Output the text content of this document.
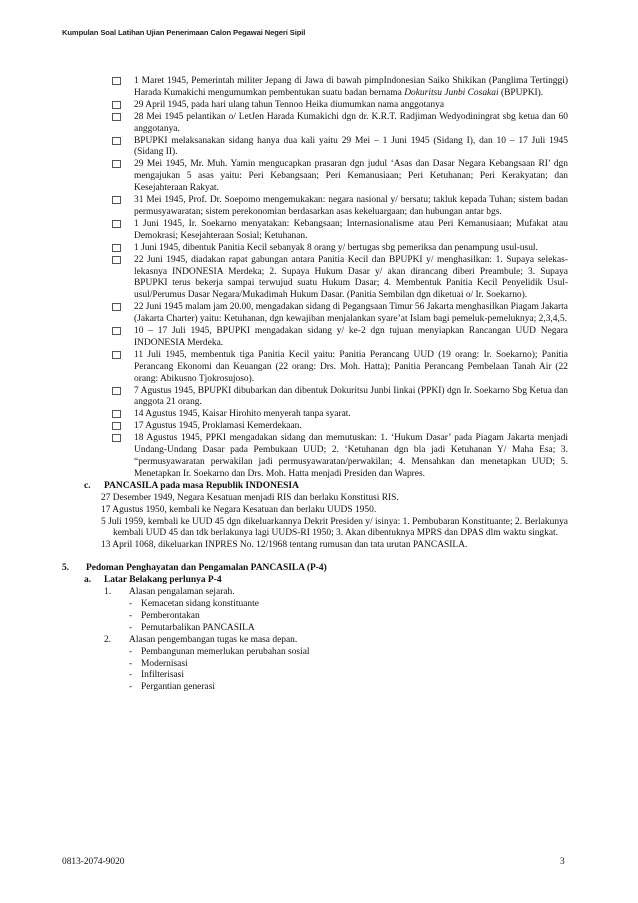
Kumpulan Soal Latihan Ujian Penerimaan Calon Pegawai Negeri Sipil
1 Maret 1945, Pemerintah militer Jepang di Jawa di bawah pimpIndonesian Saiko Shikikan (Panglima Tertinggi) Harada Kumakichi mengumumkan pembentukan suatu badan bernama Dokuritsu Junbi Cosakai (BPUPKI).
29 April 1945, pada hari ulang tahun Tennoo Heika diumumkan nama anggotanya
28 Mei 1945 pelantikan o/ LetJen Harada Kumakichi dgn dr. K.R.T. Radjiman Wedyodiningrat sbg ketua dan 60 anggotanya.
BPUPKI melaksanakan sidang hanya dua kali yaitu 29 Mei – 1 Juni 1945 (Sidang I), dan 10 – 17 Juli 1945 (Sidang II).
29 Mei 1945, Mr. Muh. Yamin mengucapkan prasaran dgn judul ‘Asas dan Dasar Negara Kebangsaan RI’ dgn mengajukan 5 asas yaitu: Peri Kebangsaan; Peri Kemanusiaan; Peri Ketuhanan; Peri Kerakyatan; dan Kesejahteraan Rakyat.
31 Mei 1945, Prof. Dr. Soepomo mengemukakan: negara nasional y/ bersatu; takluk kepada Tuhan; sistem badan permusyawaratan; sistem perekonomian berdasarkan asas kekeluargaan; dan hubungan antar bgs.
1 Juni 1945, Ir. Soekarno menyatakan: Kebangsaan; Internasionalisme atau Peri Kemanusiaan; Mufakat atau Demokrasi; Kesejahteraan Sosial; Ketuhanan.
1 Juni 1945, dibentuk Panitia Kecil sebanyak 8 orang y/ bertugas sbg pemeriksa dan penampung usul-usul.
22 Juni 1945, diadakan rapat gabungan antara Panitia Kecil dan BPUPKI y/ menghasilkan: 1. Supaya selekas-lekasnya INDONESIA Merdeka; 2. Supaya Hukum Dasar y/ akan dirancang diberi Preambule; 3. Supaya BPUPKI terus bekerja sampai terwujud suatu Hukum Dasar; 4. Membentuk Panitia Kecil Penyelidik Usul-usul/Perumus Dasar Negara/Mukadimah Hukum Dasar. (Panitia Sembilan dgn diketuai o/ Ir. Soekarno).
22 Juni 1945 malam jam 20.00, mengadakan sidang di Pegangsaan Timur 56 Jakarta menghasilkan Piagam Jakarta (Jakarta Charter) yaitu: Ketuhanan, dgn kewajiban menjalankan syare’at Islam bagi pemeluk-pemeluknya; 2,3,4,5.
10 – 17 Juli 1945, BPUPKI mengadakan sidang y/ ke-2 dgn tujuan menyiapkan Rancangan UUD Negara INDONESIA Merdeka.
11 Juli 1945, membentuk tiga Panitia Kecil yaitu: Panitia Perancang UUD (19 orang: Ir. Soekarno); Panitia Perancang Ekonomi dan Keuangan (22 orang: Drs. Moh. Hatta); Panitia Perancang Pembelaan Tanah Air (22 orang: Abikusno Tjokrosujoso).
7 Agustus 1945, BPUPKI dibubarkan dan dibentuk Dokuritsu Junbi Iinkai (PPKI) dgn Ir. Soekarno Sbg Ketua dan anggota 21 orang.
14 Agustus 1945, Kaisar Hirohito menyerah tanpa syarat.
17 Agustus 1945, Proklamasi Kemerdekaan.
18 Agustus 1945, PPKI mengadakan sidang dan memutuskan: 1. ‘Hukum Dasar’ pada Piagam Jakarta menjadi Undang-Undang Dasar pada Pembukaan UUD; 2. ‘Ketuhanan dgn bla jadi Ketuhanan Y/ Maha Esa; 3. “permusyawaratan perwakilan jadi permusyawaratan/perwakilan; 4. Mensahkan dan menetapkan UUD; 5. Menetapkan Ir. Soekarno dan Drs. Moh. Hatta menjadi Presiden dan Wapres.
c. PANCASILA pada masa Republik INDONESIA
27 Desember 1949, Negara Kesatuan menjadi RIS dan berlaku Konstitusi RIS.
17 Agustus 1950, kembali ke Negara Kesatuan dan berlaku UUDS 1950.
5 Juli 1959, kembali ke UUD 45 dgn dikeluarkannya Dekrit Presiden y/ isinya: 1. Pembubaran Konstituante; 2. Berlakunya kembali UUD 45 dan tdk berlakunya lagi UUDS-RI 1950; 3. Akan dibentuknya MPRS dan DPAS dlm waktu singkat.
13 April 1068, dikeluarkan INPRES No. 12/1968 tentang rumusan dan tata urutan PANCASILA.
5. Pedoman Penghayatan dan Pengamalan PANCASILA (P-4)
a. Latar Belakang perlunya P-4
1. Alasan pengalaman sejarah.
- Kemacetan sidang konstituante
- Pemberontakan
- Pemutarbalikan PANCASILA
2. Alasan pengembangan tugas ke masa depan.
- Pembangunan memerlukan perubahan sosial
- Modernisasi
- Infilterisasi
- Pergantian generasi
0813-2074-9020	3
